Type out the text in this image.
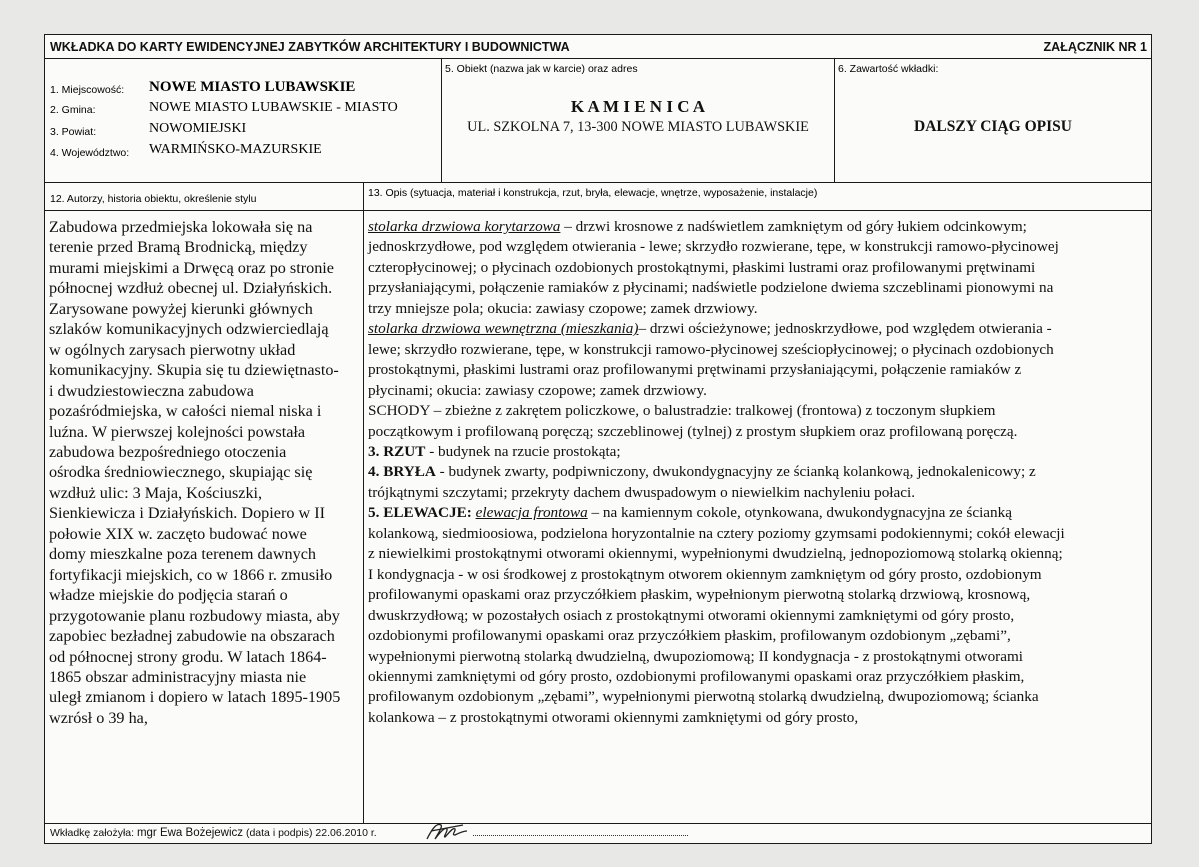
WKŁADKA DO KARTY EWIDENCYJNEJ ZABYTKÓW ARCHITEKTURY I BUDOWNICTWA	ZAŁĄCZNIK NR 1
1. Miejscowość: NOWE MIASTO LUBAWSKIE
2. Gmina:	NOWE MIASTO LUBAWSKIE - MIASTO
3. Powiat:	NOWOMIEJSKI
4. Województwo: WARMIŃSKO-MAZURSKIE
5. Obiekt (nazwa jak w karcie) oraz adres
K A M I E N I C A
UL. SZKOLNA 7, 13-300 NOWE MIASTO LUBAWSKIE
6. Zawartość wkładki:
DALSZY CIĄG OPISU
12. Autorzy, historia obiektu, określenie stylu	13. Opis (sytuacja, materiał i konstrukcja, rzut, bryła, elewacje, wnętrze, wyposażenie, instalacje)
Zabudowa przedmiejska lokowała się na
terenie przed Bramą Brodnicką, między
murami miejskimi a Drwęcą oraz po stronie
północnej wzdłuż obecnej ul. Działyńskich.
Zarysowane powyżej kierunki głównych
szlaków komunikacyjnych odzwierciedlają
w ogólnych zarysach pierwotny układ
komunikacyjny. Skupia się tu dziewiętnasto-
i dwudziestowieczna zabudowa
pozaśródmiejska, w całości niemal niska i
luźna. W pierwszej kolejności powstała
zabudowa bezpośredniego otoczenia
ośrodka średniowiecznego, skupiając się
wzdłuż ulic: 3 Maja, Kościuszki,
Sienkiewicza i Działyńskich. Dopiero w II
połowie XIX w. zaczęto budować nowe
domy mieszkalne poza terenem dawnych
fortyfikacji miejskich, co w 1866 r. zmusiło
władze miejskie do podjęcia starań o
przygotowanie planu rozbudowy miasta, aby
zapobiec bezładnej zabudowie na obszarach
od północnej strony grodu. W latach 1864-
1865 obszar administracyjny miasta nie
uległ zmianom i dopiero w latach 1895-1905
wzrósł o 39 ha,
stolarka drzwiowa korytarzowa – drzwi krosnowe z nadświetlem zamkniętym od góry łukiem odcinkowym;
jednoskrzydłowe, pod względem otwierania - lewe; skrzydło rozwierane, tępe, w konstrukcji ramowo-płycinowej
czteropłycinowej; o płycinach ozdobionych prostokątnymi, płaskimi lustrami oraz profilowanymi prętwinami
przysłaniającymi, połączenie ramiaków z płycinami; nadświetle podzielone dwiema szczeblinami pionowymi na
trzy mniejsze pola; okucia: zawiasy czopowe; zamek drzwiowy.
stolarka drzwiowa wewnętrzna (mieszkania)– drzwi ościeżynowe; jednoskrzydłowe, pod względem otwierania -
lewe; skrzydło rozwierane, tępe, w konstrukcji ramowo-płycinowej sześciopłycinowej; o płycinach ozdobionych
prostokątnymi, płaskimi lustrami oraz profilowanymi prętwinami przysłaniającymi, połączenie ramiaków z
płycinami; okucia: zawiasy czopowe; zamek drzwiowy.
SCHODY – zbieżne z zakrętem policzkowe, o balustradzie: tralkowej (frontowa) z toczonym słupkiem
początkowym i profilowaną poręczą; szczeblinowej (tylnej) z prostym słupkiem oraz profilowaną poręczą.
3. RZUT - budynek na rzucie prostokąta;
4. BRYŁA - budynek zwarty, podpiwniczony, dwukondygnacyjny ze ścianką kolankową, jednokalenicowy; z
trójkątnymi szczytami; przekryty dachem dwuspadowym o niewielkim nachyleniu połaci.
5. ELEWACJE: elewacja frontowa – na kamiennym cokole, otynkowana, dwukondygnacyjna ze ścianką
kolankową, siedmioosiowa, podzielona horyzontalnie na cztery poziomy gzymsami podokiennymi; cokół elewacji
z niewielkimi prostokątnymi otworami okiennymi, wypełnionymi dwudzielną, jednopoziomową stolarką okienną;
I kondygnacja - w osi środkowej z prostokątnym otworem okiennym zamkniętym od góry prosto, ozdobionym
profilowanymi opaskami oraz przyczółkiem płaskim, wypełnionym pierwotną stolarką drzwiową, krosnową,
dwuskrzydłową; w pozostałych osiach z prostokątnymi otworami okiennymi zamkniętymi od góry prosto,
ozdobionymi profilowanymi opaskami oraz przyczółkiem płaskim, profilowanym ozdobionym „zębami”,
wypełnionymi pierwotną stolarką dwudzielną, dwupoziomową; II kondygnacja - z prostokątnymi otworami
okiennymi zamkniętymi od góry prosto, ozdobionymi profilowanymi opaskami oraz przyczółkiem płaskim,
profilowanym ozdobionym „zębami”, wypełnionymi pierwotną stolarką dwudzielną, dwupoziomową; ścianka
kolankowa – z prostokątnymi otworami okiennymi zamkniętymi od góry prosto,
Wkładkę założyła: mgr Ewa Bożejewicz (data i podpis) 22.06.2010 r.
